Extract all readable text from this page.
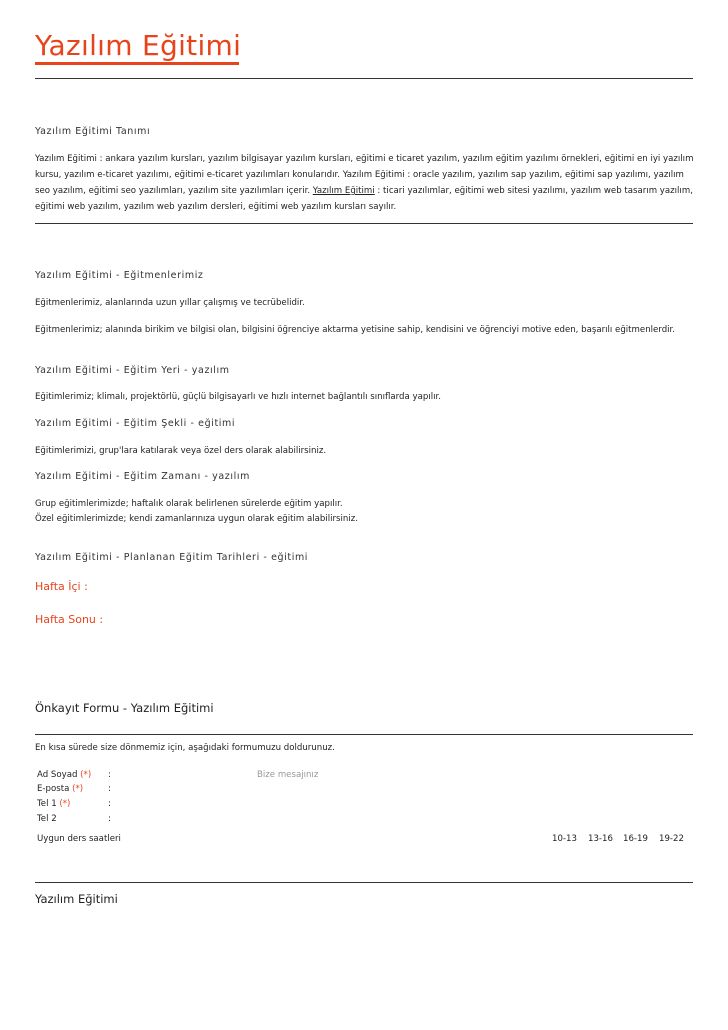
Yazılım Eğitimi
Yazılım Eğitimi Tanımı
Yazılım Eğitimi : ankara yazılım kursları, yazılım bilgisayar yazılım kursları, eğitimi e ticaret yazılım, yazılım eğitim yazılımı örnekleri, eğitimi en iyi yazılım kursu, yazılım e-ticaret yazılımı, eğitimi e-ticaret yazılımları konularıdır. Yazılım Eğitimi : oracle yazılım, yazılım sap yazılım, eğitimi sap yazılımı, yazılım seo yazılım, eğitimi seo yazılımları, yazılım site yazılımları içerir. Yazılım Eğitimi : ticari yazılımlar, eğitimi web sitesi yazılımı, yazılım web tasarım yazılım, eğitimi web yazılım, yazılım web yazılım dersleri, eğitimi web yazılım kursları sayılır.
Yazılım Eğitimi - Eğitmenlerimiz
Eğitmenlerimiz, alanlarında uzun yıllar çalışmış ve tecrübelidir.
Eğitmenlerimiz; alanında birikim ve bilgisi olan, bilgisini öğrenciye aktarma yetisine sahip, kendisini ve öğrenciyi motive eden, başarılı eğitmenlerdir.
Yazılım Eğitimi - Eğitim Yeri - yazılım
Eğitimlerimiz; klimalı, projektörlü, güçlü bilgisayarlı ve hızlı internet bağlantılı sınıflarda yapılır.
Yazılım Eğitimi - Eğitim Şekli - eğitimi
Eğitimlerimizi, grup'lara katılarak veya özel ders olarak alabilirsiniz.
Yazılım Eğitimi - Eğitim Zamanı - yazılım
Grup eğitimlerimizde; haftalık olarak belirlenen sürelerde eğitim yapılır.
Özel eğitimlerimizde; kendi zamanlarınıza uygun olarak eğitim alabilirsiniz.
Yazılım Eğitimi - Planlanan Eğitim Tarihleri - eğitimi
Hafta İçi :
Hafta Sonu :
Önkayıt Formu - Yazılım Eğitimi
En kısa sürede size dönmemiz için, aşağıdaki formumuzu doldurunuz.
Ad Soyad (*) :
E-posta (*)	:
Tel 1 (*)	:
Tel 2	:
Bize mesajınız
Uygun ders saatleri	10-13 13-16 16-19 19-22
Yazılım Eğitimi
